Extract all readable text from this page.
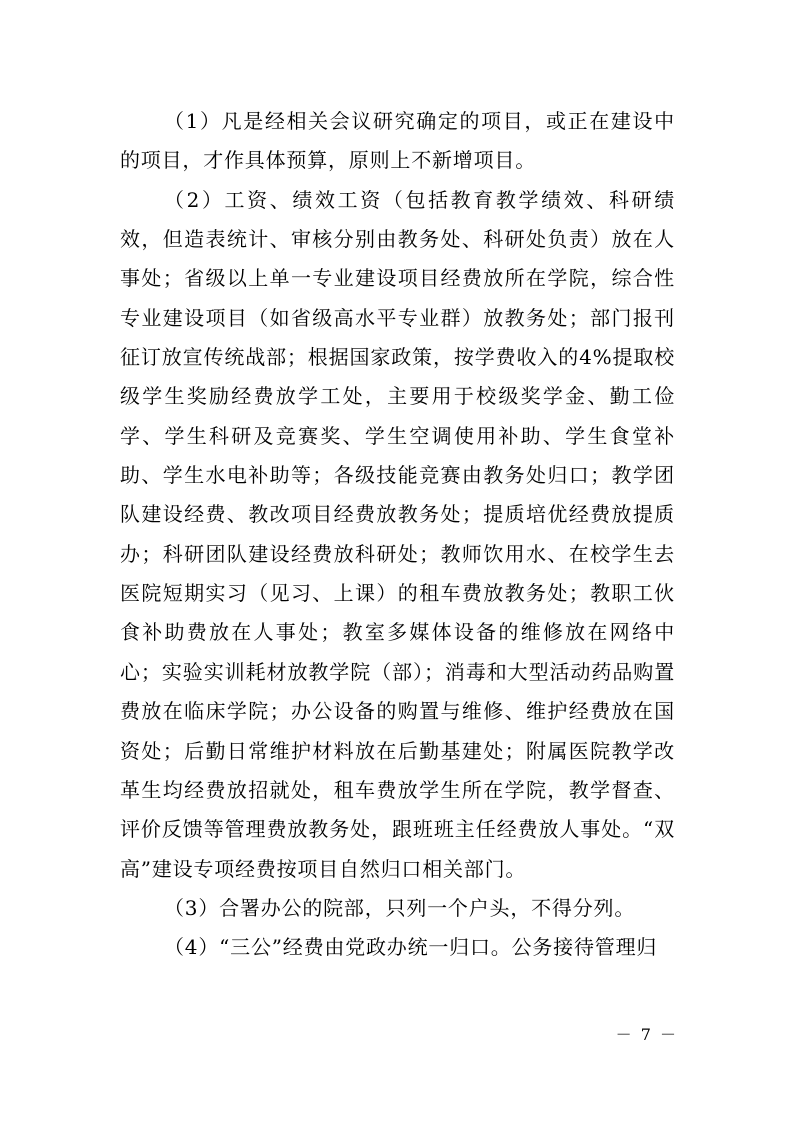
（1）凡是经相关会议研究确定的项目，或正在建设中的项目，才作具体预算，原则上不新增项目。

（2）工资、绩效工资（包括教育教学绩效、科研绩效，但造表统计、审核分别由教务处、科研处负责）放在人事处；省级以上单一专业建设项目经费放所在学院，综合性专业建设项目（如省级高水平专业群）放教务处；部门报刊征订放宣传统战部；根据国家政策，按学费收入的4%提取校级学生奖励经费放学工处，主要用于校级奖学金、勤工俭学、学生科研及竞赛奖、学生空调使用补助、学生食堂补助、学生水电补助等；各级技能竞赛由教务处归口；教学团队建设经费、教改项目经费放教务处；提质培优经费放提质办；科研团队建设经费放科研处；教师饮用水、在校学生去医院短期实习（见习、上课）的租车费放教务处；教职工伙食补助费放在人事处；教室多媒体设备的维修放在网络中心；实验实训耗材放教学院（部）；消毒和大型活动药品购置费放在临床学院；办公设备的购置与维修、维护经费放在国资处；后勤日常维护材料放在后勤基建处；附属医院教学改革生均经费放招就处，租车费放学生所在学院，教学督查、评价反馈等管理费放教务处，跟班班主任经费放人事处。“双高”建设专项经费按项目自然归口相关部门。

（3）合署办公的院部，只列一个户头，不得分列。

（4）“三公”经费由党政办统一归口。公务接待管理归

－ 7 －
